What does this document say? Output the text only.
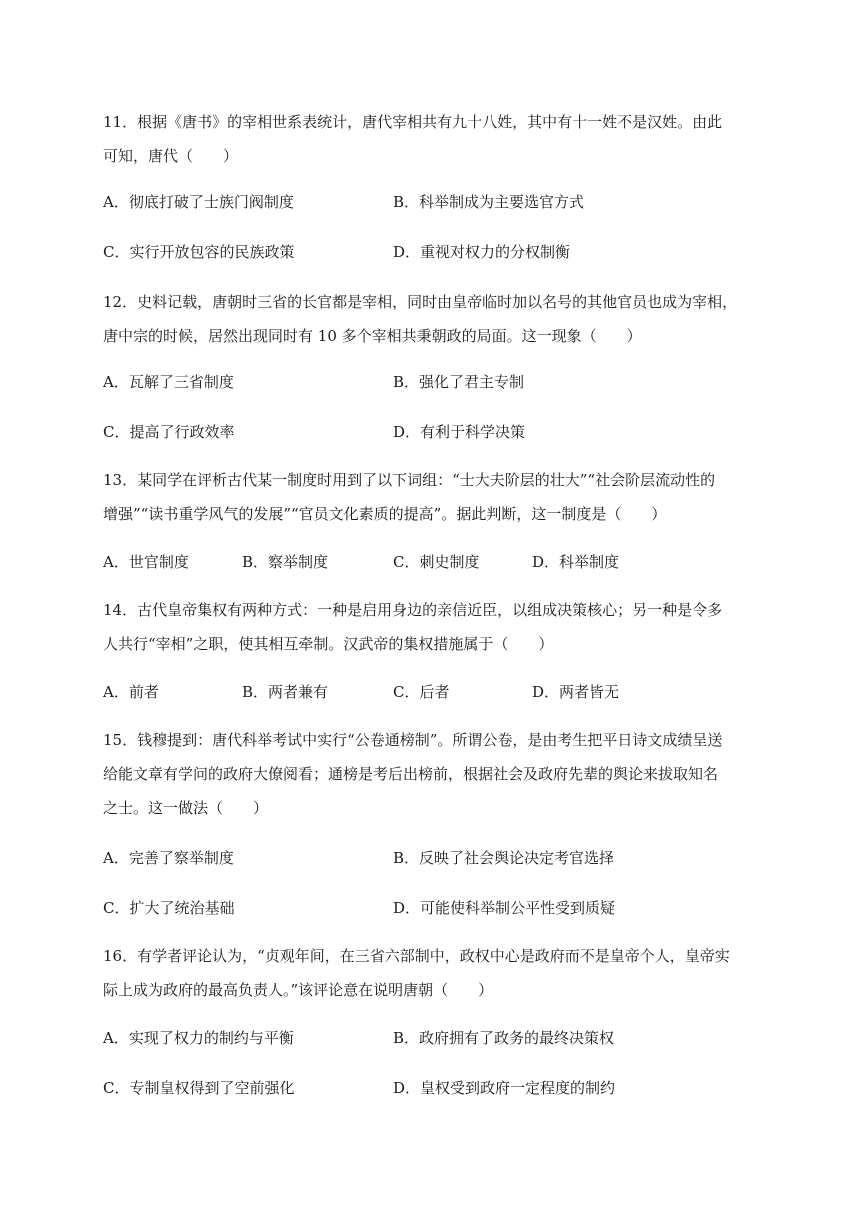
11．根据《唐书》的宰相世系表统计，唐代宰相共有九十八姓，其中有十一姓不是汉姓。由此
可知，唐代（　　）
A．彻底打破了士族门阀制度	B．科举制成为主要选官方式
C．实行开放包容的民族政策	D．重视对权力的分权制衡
12．史料记载，唐朝时三省的长官都是宰相，同时由皇帝临时加以名号的其他官员也成为宰相，
唐中宗的时候，居然出现同时有 10 多个宰相共秉朝政的局面。这一现象（　　）
A．瓦解了三省制度	B．强化了君主专制
C．提高了行政效率	D．有利于科学决策
13．某同学在评析古代某一制度时用到了以下词组：“士大夫阶层的壮大”“社会阶层流动性的
增强”“读书重学风气的发展”“官员文化素质的提高”。据此判断，这一制度是（　　）
A．世官制度	B．察举制度	C．刺史制度	D．科举制度
14．古代皇帝集权有两种方式：一种是启用身边的亲信近臣，以组成决策核心；另一种是令多
人共行“宰相”之职，使其相互牵制。汉武帝的集权措施属于（　　）
A．前者	B．两者兼有	C．后者	D．两者皆无
15．钱穆提到：唐代科举考试中实行“公卷通榜制”。所谓公卷，是由考生把平日诗文成绩呈送
给能文章有学问的政府大僚阅看；通榜是考后出榜前，根据社会及政府先辈的舆论来拔取知名
之士。这一做法（　　）
A．完善了察举制度	B．反映了社会舆论决定考官选择
C．扩大了统治基础	D．可能使科举制公平性受到质疑
16．有学者评论认为，“贞观年间，在三省六部制中，政权中心是政府而不是皇帝个人，皇帝实
际上成为政府的最高负责人。”该评论意在说明唐朝（　　）
A．实现了权力的制约与平衡	B．政府拥有了政务的最终决策权
C．专制皇权得到了空前强化	D．皇权受到政府一定程度的制约
